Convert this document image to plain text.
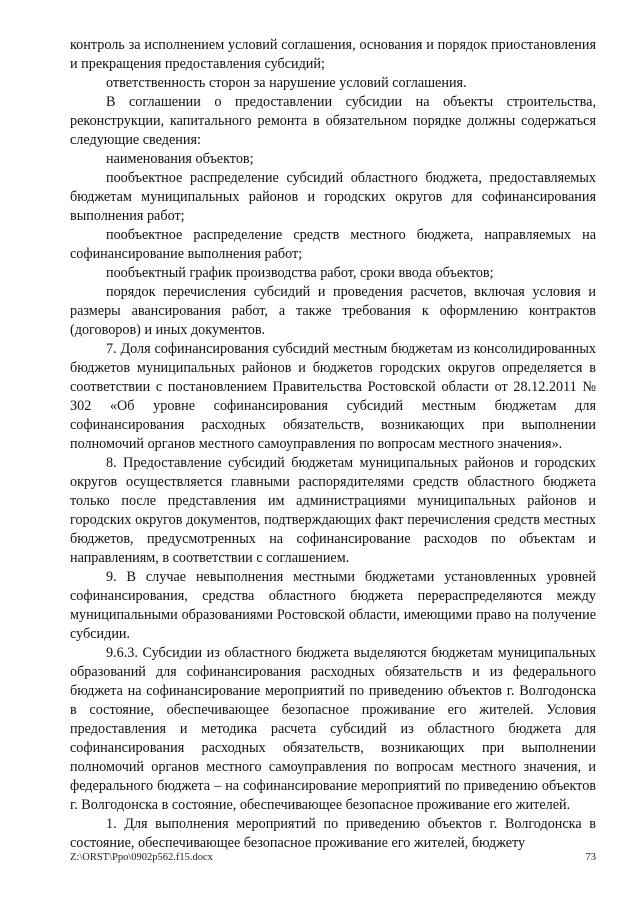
контроль за исполнением условий соглашения, основания и порядок приостановления и прекращения предоставления субсидий;

ответственность сторон за нарушение условий соглашения.

В соглашении о предоставлении субсидии на объекты строительства, реконструкции, капитального ремонта в обязательном порядке должны содержаться следующие сведения:

наименования объектов;

пообъектное распределение субсидий областного бюджета, предоставляемых бюджетам муниципальных районов и городских округов для софинансирования выполнения работ;

пообъектное распределение средств местного бюджета, направляемых на софинансирование выполнения работ;

пообъектный график производства работ, сроки ввода объектов;

порядок перечисления субсидий и проведения расчетов, включая условия и размеры авансирования работ, а также требования к оформлению контрактов (договоров) и иных документов.

7. Доля софинансирования субсидий местным бюджетам из консолидированных бюджетов муниципальных районов и бюджетов городских округов определяется в соответствии с постановлением Правительства Ростовской области от 28.12.2011 № 302 «Об уровне софинансирования субсидий местным бюджетам для софинансирования расходных обязательств, возникающих при выполнении полномочий органов местного самоуправления по вопросам местного значения».

8. Предоставление субсидий бюджетам муниципальных районов и городских округов осуществляется главными распорядителями средств областного бюджета только после представления им администрациями муниципальных районов и городских округов документов, подтверждающих факт перечисления средств местных бюджетов, предусмотренных на софинансирование расходов по объектам и направлениям, в соответствии с соглашением.

9. В случае невыполнения местными бюджетами установленных уровней софинансирования, средства областного бюджета перераспределяются между муниципальными образованиями Ростовской области, имеющими право на получение субсидии.

9.6.3. Субсидии из областного бюджета выделяются бюджетам муниципальных образований для софинансирования расходных обязательств и из федерального бюджета на софинансирование мероприятий по приведению объектов г. Волгодонска в состояние, обеспечивающее безопасное проживание его жителей. Условия предоставления и методика расчета субсидий из областного бюджета для софинансирования расходных обязательств, возникающих при выполнении полномочий органов местного самоуправления по вопросам местного значения, и федерального бюджета – на софинансирование мероприятий по приведению объектов г. Волгодонска в состояние, обеспечивающее безопасное проживание его жителей.

1. Для выполнения мероприятий по приведению объектов г. Волгодонска в состояние, обеспечивающее безопасное проживание его жителей, бюджету

Z:\ORST\Ppo\0902p562.f15.docx	73
